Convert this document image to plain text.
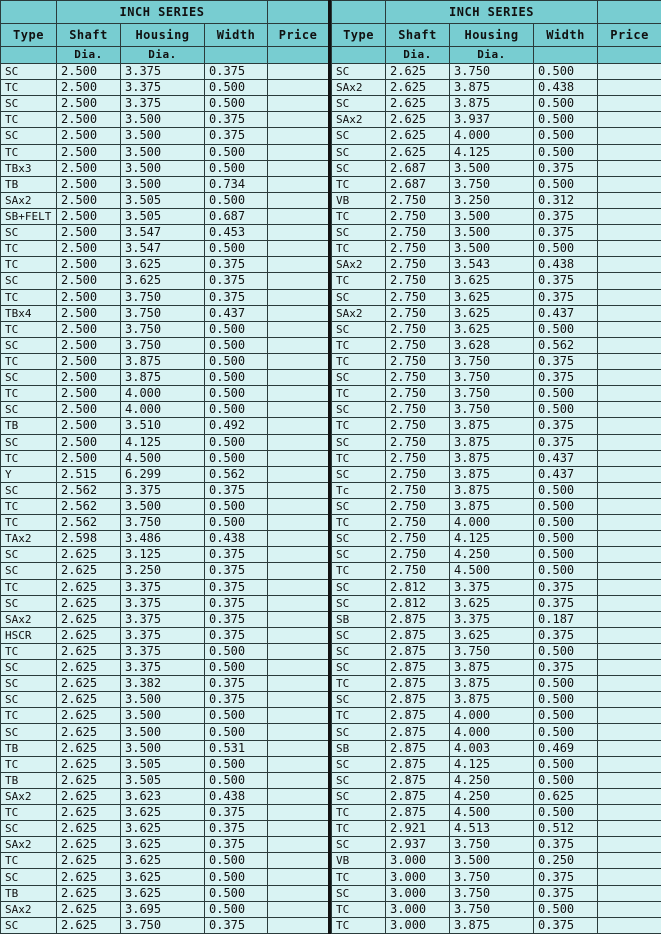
	INCH SERIES			
Type	Shaft	Housing	Width	Price
	Dia.	Dia.		
SC	2.500	3.375	0.375	
TC	2.500	3.375	0.500	
SC	2.500	3.375	0.500	
TC	2.500	3.500	0.375	
SC	2.500	3.500	0.375	
TC	2.500	3.500	0.500	
TBx3	2.500	3.500	0.500	
TB	2.500	3.500	0.734	
SAx2	2.500	3.505	0.500	
SB+FELT	2.500	3.505	0.687	
SC	2.500	3.547	0.453	
TC	2.500	3.547	0.500	
TC	2.500	3.625	0.375	
SC	2.500	3.625	0.375	
TC	2.500	3.750	0.375	
TBx4	2.500	3.750	0.437	
TC	2.500	3.750	0.500	
SC	2.500	3.750	0.500	
TC	2.500	3.875	0.500	
SC	2.500	3.875	0.500	
TC	2.500	4.000	0.500	
SC	2.500	4.000	0.500	
TB	2.500	3.510	0.492	
SC	2.500	4.125	0.500	
TC	2.500	4.500	0.500	
Y	2.515	6.299	0.562	
SC	2.562	3.375	0.375	
TC	2.562	3.500	0.500	
TC	2.562	3.750	0.500	
TAx2	2.598	3.486	0.438	
SC	2.625	3.125	0.375	
SC	2.625	3.250	0.375	
TC	2.625	3.375	0.375	
SC	2.625	3.375	0.375	
SAx2	2.625	3.375	0.375	
HSCR	2.625	3.375	0.375	
TC	2.625	3.375	0.500	
SC	2.625	3.375	0.500	
SC	2.625	3.382	0.375	
SC	2.625	3.500	0.375	
TC	2.625	3.500	0.500	
SC	2.625	3.500	0.500	
TB	2.625	3.500	0.531	
TC	2.625	3.505	0.500	
TB	2.625	3.505	0.500	
SAx2	2.625	3.623	0.438	
TC	2.625	3.625	0.375	
SC	2.625	3.625	0.375	
SAx2	2.625	3.625	0.375	
TC	2.625	3.625	0.500	
SC	2.625	3.625	0.500	
TB	2.625	3.625	0.500	
SAx2	2.625	3.695	0.500	
SC	2.625	3.750	0.375	
	INCH SERIES			
Type	Shaft	Housing	Width	Price
	Dia.	Dia.		
SC	2.625	3.750	0.500	
SAx2	2.625	3.875	0.438	
SC	2.625	3.875	0.500	
SAx2	2.625	3.937	0.500	
SC	2.625	4.000	0.500	
SC	2.625	4.125	0.500	
SC	2.687	3.500	0.375	
TC	2.687	3.750	0.500	
VB	2.750	3.250	0.312	
TC	2.750	3.500	0.375	
SC	2.750	3.500	0.375	
TC	2.750	3.500	0.500	
SAx2	2.750	3.543	0.438	
TC	2.750	3.625	0.375	
SC	2.750	3.625	0.375	
SAx2	2.750	3.625	0.437	
SC	2.750	3.625	0.500	
TC	2.750	3.628	0.562	
TC	2.750	3.750	0.375	
SC	2.750	3.750	0.375	
TC	2.750	3.750	0.500	
SC	2.750	3.750	0.500	
TC	2.750	3.875	0.375	
SC	2.750	3.875	0.375	
TC	2.750	3.875	0.437	
SC	2.750	3.875	0.437	
Tc	2.750	3.875	0.500	
SC	2.750	3.875	0.500	
TC	2.750	4.000	0.500	
SC	2.750	4.125	0.500	
SC	2.750	4.250	0.500	
TC	2.750	4.500	0.500	
SC	2.812	3.375	0.375	
SC	2.812	3.625	0.375	
SB	2.875	3.375	0.187	
SC	2.875	3.625	0.375	
SC	2.875	3.750	0.500	
SC	2.875	3.875	0.375	
TC	2.875	3.875	0.500	
SC	2.875	3.875	0.500	
TC	2.875	4.000	0.500	
SC	2.875	4.000	0.500	
SB	2.875	4.003	0.469	
SC	2.875	4.125	0.500	
SC	2.875	4.250	0.500	
SC	2.875	4.250	0.625	
TC	2.875	4.500	0.500	
TC	2.921	4.513	0.512	
SC	2.937	3.750	0.375	
VB	3.000	3.500	0.250	
TC	3.000	3.750	0.375	
SC	3.000	3.750	0.375	
TC	3.000	3.750	0.500	
TC	3.000	3.875	0.375	
